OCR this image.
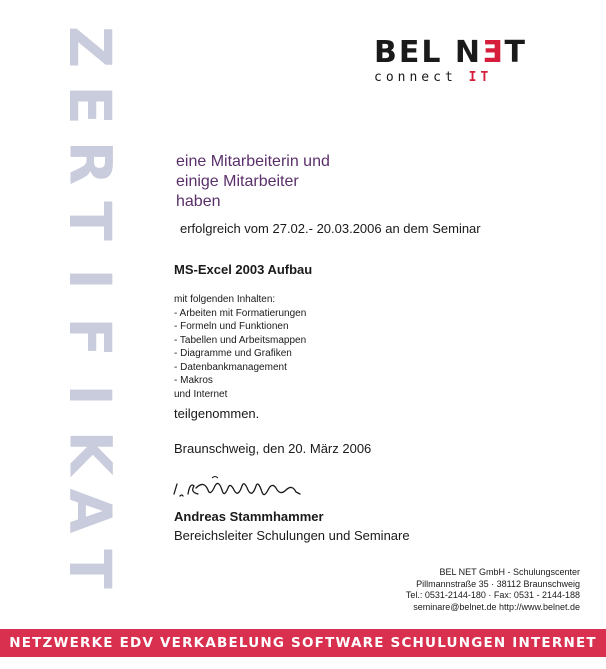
Z
E
R
T
I
F
I
K
A
T
BEL NƎT
connect IT
eine Mitarbeiterin und
einige Mitarbeiter
haben
erfolgreich vom 27.02.- 20.03.2006 an dem Seminar
MS-Excel 2003 Aufbau
mit folgenden Inhalten:
- Arbeiten mit Formatierungen
- Formeln und Funktionen
- Tabellen und Arbeitsmappen
- Diagramme und Grafiken
- Datenbankmanagement
- Makros
und Internet
teilgenommen.
Braunschweig, den 20. März 2006
Andreas Stammhammer
Bereichsleiter Schulungen und Seminare
BEL NET GmbH - Schulungscenter
Pillmannstraße 35 · 38112 Braunschweig
Tel.: 0531-2144-180 · Fax: 0531 - 2144-188
seminare@belnet.de http://www.belnet.de
NETZWERKE EDV VERKABELUNG SOFTWARE SCHULUNGEN INTERNET
